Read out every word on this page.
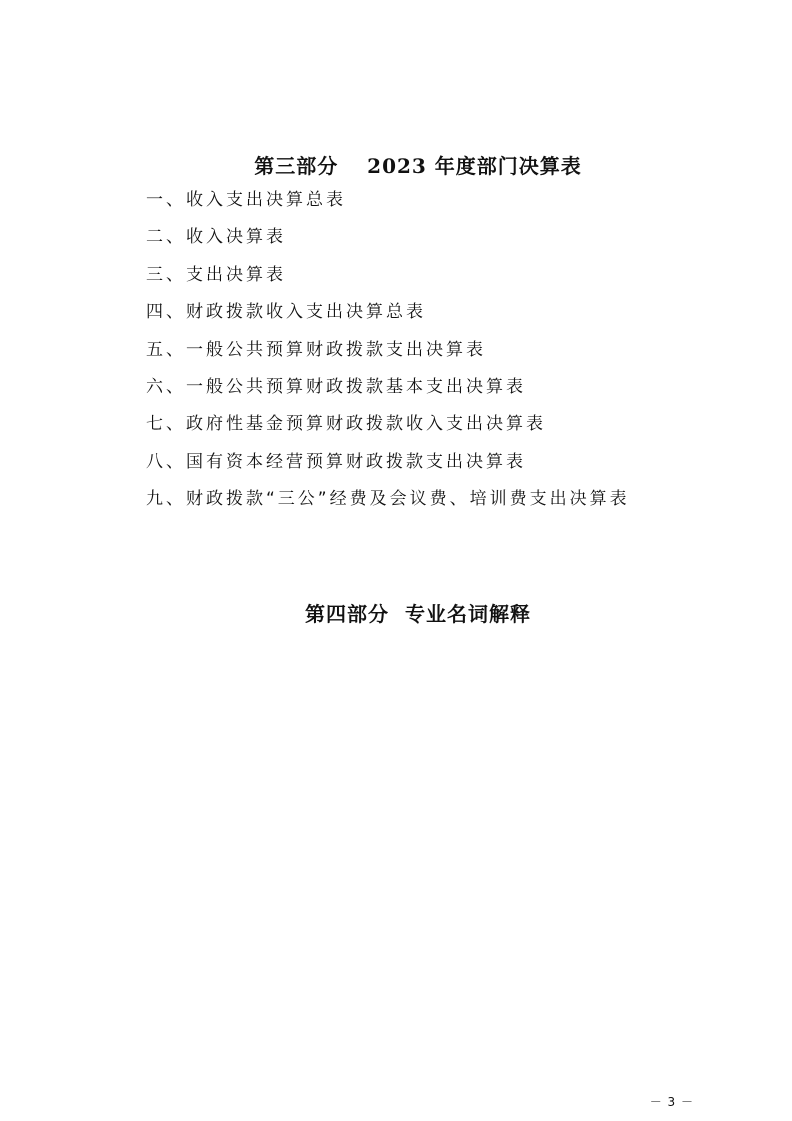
第三部分　 2023 年度部门决算表
一、收入支出决算总表
二、收入决算表
三、支出决算表
四、财政拨款收入支出决算总表
五、一般公共预算财政拨款支出决算表
六、一般公共预算财政拨款基本支出决算表
七、政府性基金预算财政拨款收入支出决算表
八、国有资本经营预算财政拨款支出决算表
九、财政拨款“三公”经费及会议费、培训费支出决算表
第四部分  专业名词解释
－ 3 －
